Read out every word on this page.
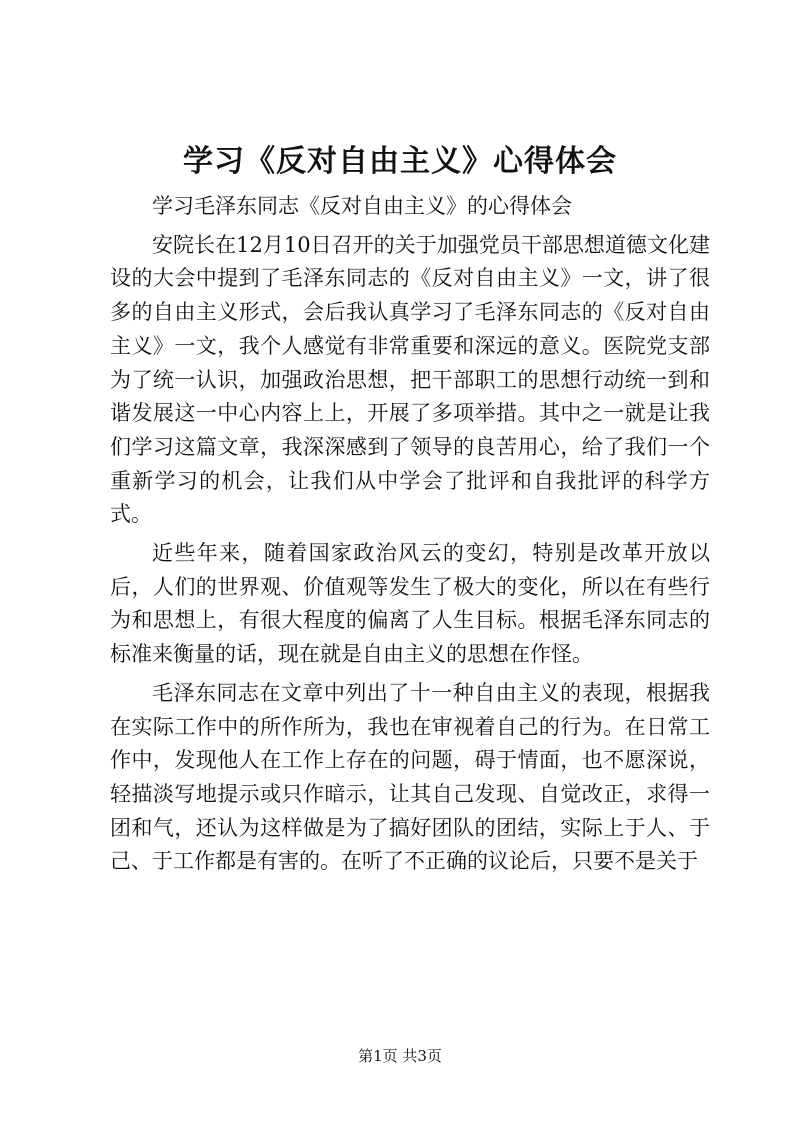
学习《反对自由主义》心得体会

学习毛泽东同志《反对自由主义》的心得体会

安院长在12月10日召开的关于加强党员干部思想道德文化建设的大会中提到了毛泽东同志的《反对自由主义》一文，讲了很多的自由主义形式，会后我认真学习了毛泽东同志的《反对自由主义》一文，我个人感觉有非常重要和深远的意义。医院党支部为了统一认识，加强政治思想，把干部职工的思想行动统一到和谐发展这一中心内容上上，开展了多项举措。其中之一就是让我们学习这篇文章，我深深感到了领导的良苦用心，给了我们一个重新学习的机会，让我们从中学会了批评和自我批评的科学方式。

近些年来，随着国家政治风云的变幻，特别是改革开放以后，人们的世界观、价值观等发生了极大的变化，所以在有些行为和思想上，有很大程度的偏离了人生目标。根据毛泽东同志的标准来衡量的话，现在就是自由主义的思想在作怪。

毛泽东同志在文章中列出了十一种自由主义的表现，根据我在实际工作中的所作所为，我也在审视着自己的行为。在日常工作中，发现他人在工作上存在的问题，碍于情面，也不愿深说，轻描淡写地提示或只作暗示，让其自己发现、自觉改正，求得一团和气，还认为这样做是为了搞好团队的团结，实际上于人、于己、于工作都是有害的。在听了不正确的议论后，只要不是关于

第1页 共3页
